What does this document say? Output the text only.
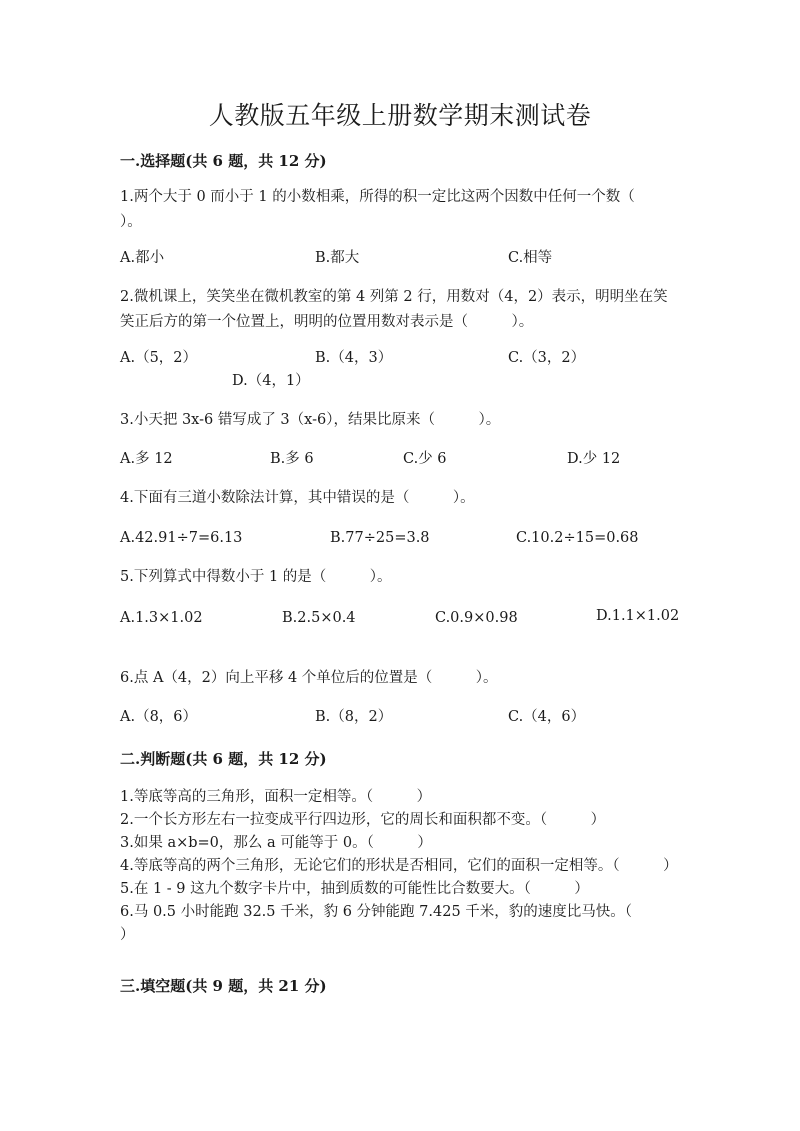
人教版五年级上册数学期末测试卷
一.选择题(共 6 题，共 12 分)

1.两个大于 0 而小于 1 的小数相乘，所得的积一定比这两个因数中任何一个数（　　　）。

A.都小	B.都大	C.相等

2.微机课上，笑笑坐在微机教室的第 4 列第 2 行，用数对（4，2）表示，明明坐在笑笑正后方的第一个位置上，明明的位置用数对表示是（　　　）。

A.（5，2）	B.（4，3）	C.（3，2）
D.（4，1）

3.小天把 3x-6 错写成了 3（x-6），结果比原来（　　　）。

A.多 12	B.多 6	C.少 6	D.少 12

4.下面有三道小数除法计算，其中错误的是（　　　）。

A.42.91÷7=6.13	B.77÷25=3.8	C.10.2÷15=0.68

5.下列算式中得数小于 1 的是（　　　）。

A.1.3×1.02	B.2.5×0.4	C.0.9×0.98	D.1.1×1.02

6.点 A（4，2）向上平移 4 个单位后的位置是（　　　）。

A.（8，6）	B.（8，2）	C.（4，6）
二.判断题(共 6 题，共 12 分)
1.等底等高的三角形，面积一定相等。（　　　）
2.一个长方形左右一拉变成平行四边形，它的周长和面积都不变。（　　　）
3.如果 a×b=0，那么 a 可能等于 0。（　　　）
4.等底等高的两个三角形，无论它们的形状是否相同，它们的面积一定相等。（　　　）
5.在 1 - 9 这九个数字卡片中，抽到质数的可能性比合数要大。（　　　）
6.马 0.5 小时能跑 32.5 千米，豹 6 分钟能跑 7.425 千米，豹的速度比马快。（　　　）
三.填空题(共 9 题，共 21 分)
